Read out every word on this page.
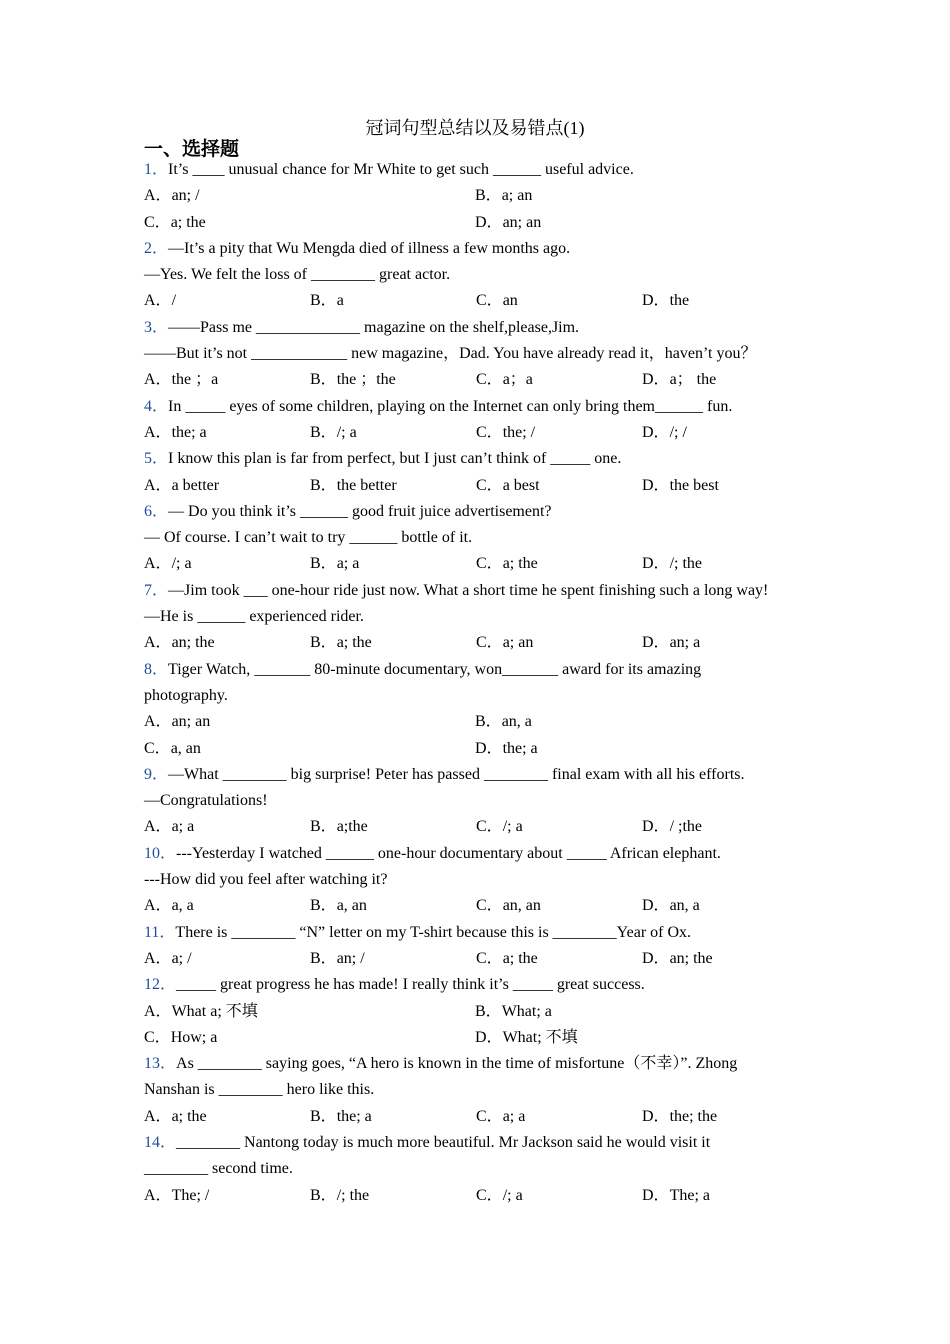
冠词句型总结以及易错点(1)
一、选择题
1．It’s ____ unusual chance for Mr White to get such ______ useful advice.
A．an; /	B．a; an
C．a; the	D．an; an
2．—It’s a pity that Wu Mengda died of illness a few months ago.
—Yes. We felt the loss of ________ great actor.
A．/	B．a	C．an	D．the
3．——Pass me _____________ magazine on the shelf,please,Jim.
——But it’s not ____________ new magazine，Dad. You have already read it，haven’t you？
A．the ；a	B．the ；the	C．a；a	D．a； the
4．In _____ eyes of some children, playing on the Internet can only bring them______ fun.
A．the; a	B．/; a	C．the; /	D．/; /
5．I know this plan is far from perfect, but I just can’t think of _____ one.
A．a better	B．the better	C．a best	D．the best
6．— Do you think it’s ______ good fruit juice advertisement?
— Of course. I can’t wait to try ______ bottle of it.
A．/; a	B．a; a	C．a; the	D．/; the
7．—Jim took ___ one-hour ride just now. What a short time he spent finishing such a long way!
—He is ______ experienced rider.
A．an; the	B．a; the	C．a; an	D．an; a
8．Tiger Watch, _______ 80-minute documentary, won_______ award for its amazing
photography.
A．an; an	B．an, a
C．a, an	D．the; a
9．—What ________ big surprise! Peter has passed ________ final exam with all his efforts.
—Congratulations!
A．a; a	B．a;the	C．/; a	D．/ ;the
10．---Yesterday I watched ______ one-hour documentary about _____ African elephant.
---How did you feel after watching it?
A．a, a	B．a, an	C．an, an	D．an, a
11．There is ________ “N” letter on my T-shirt because this is ________Year of Ox.
A．a; /	B．an; /	C．a; the	D．an; the
12．_____ great progress he has made! I really think it’s _____ great success.
A．What a; 不填	B．What; a
C．How; a	D．What; 不填
13．As ________ saying goes, “A hero is known in the time of misfortune（不幸）”. Zhong
Nanshan is ________ hero like this.
A．a; the	B．the; a	C．a; a	D．the; the
14．________ Nantong today is much more beautiful. Mr Jackson said he would visit it
________ second time.
A．The; /	B．/; the	C．/; a	D．The; a
